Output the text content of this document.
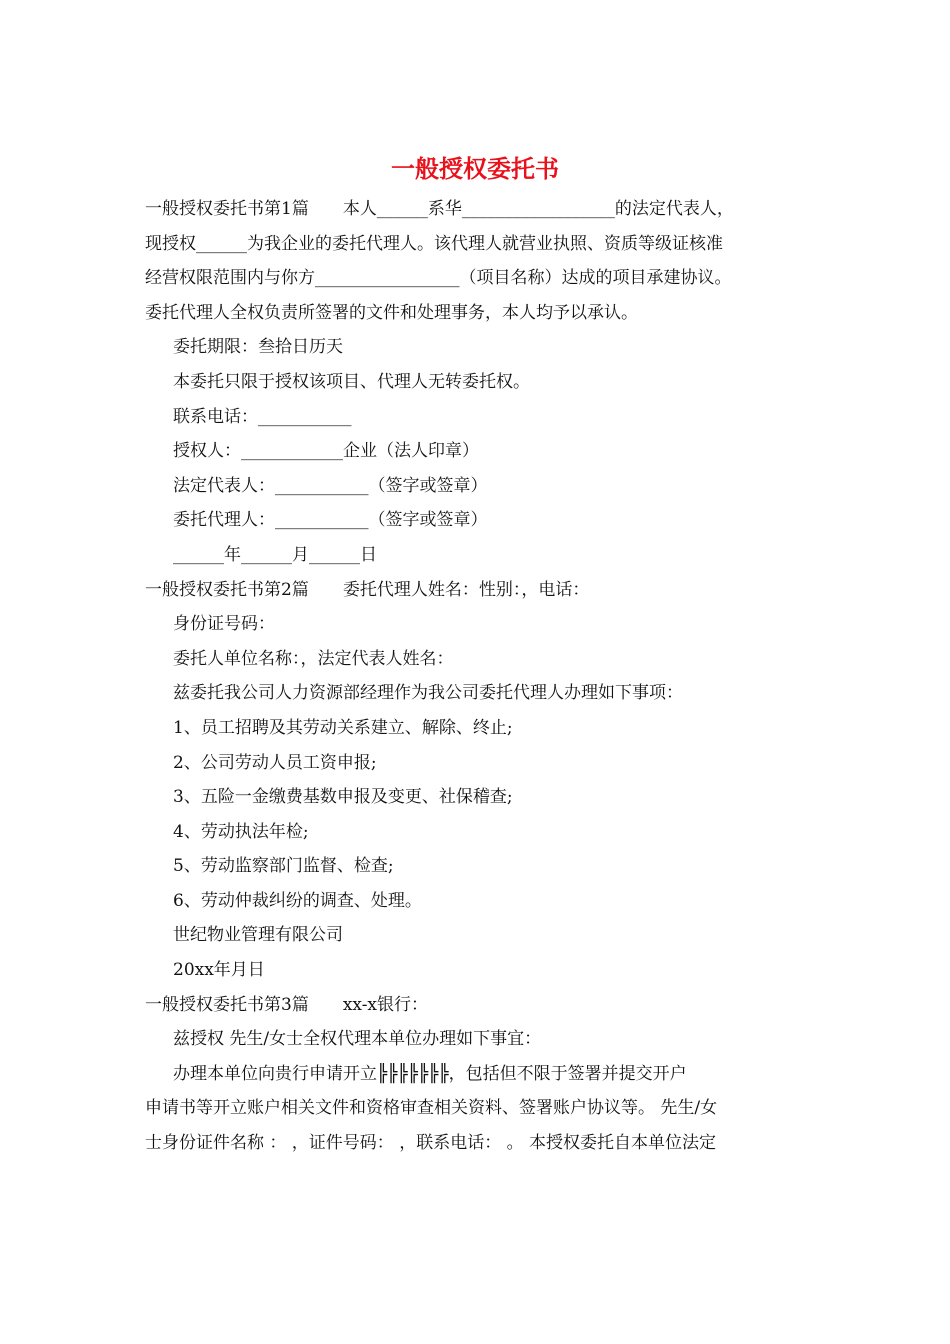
一般授权委托书

一般授权委托书第1篇　　本人______系华__________________的法定代表人，

现授权______为我企业的委托代理人。该代理人就营业执照、资质等级证核准

经营权限范围内与你方_________________（项目名称）达成的项目承建协议。

委托代理人全权负责所签署的文件和处理事务，本人均予以承认。

委托期限：叁拾日历天

本委托只限于授权该项目、代理人无转委托权。

联系电话：___________

授权人：____________企业（法人印章）

法定代表人：___________（签字或签章）

委托代理人：___________（签字或签章）

______年______月______日

一般授权委托书第2篇　　委托代理人姓名：性别：，电话：

身份证号码：

委托人单位名称：，法定代表人姓名：

兹委托我公司人力资源部经理作为我公司委托代理人办理如下事项：

1、员工招聘及其劳动关系建立、解除、终止;

2、公司劳动人员工资申报;

3、五险一金缴费基数申报及变更、社保稽查;

4、劳动执法年检;

5、劳动监察部门监督、检查;

6、劳动仲裁纠纷的调查、处理。

世纪物业管理有限公司

20xx年月日

一般授权委托书第3篇　　xx-x银行：

兹授权 先生/女士全权代理本单位办理如下事宜：

办理本单位向贵行申请开立╠╠╠╠╠╠╠，包括但不限于签署并提交开户

申请书等开立账户相关文件和资格审查相关资料、签署账户协议等。 先生/女

士身份证件名称 ： ，证件号码： ，联系电话： 。 本授权委托自本单位法定
